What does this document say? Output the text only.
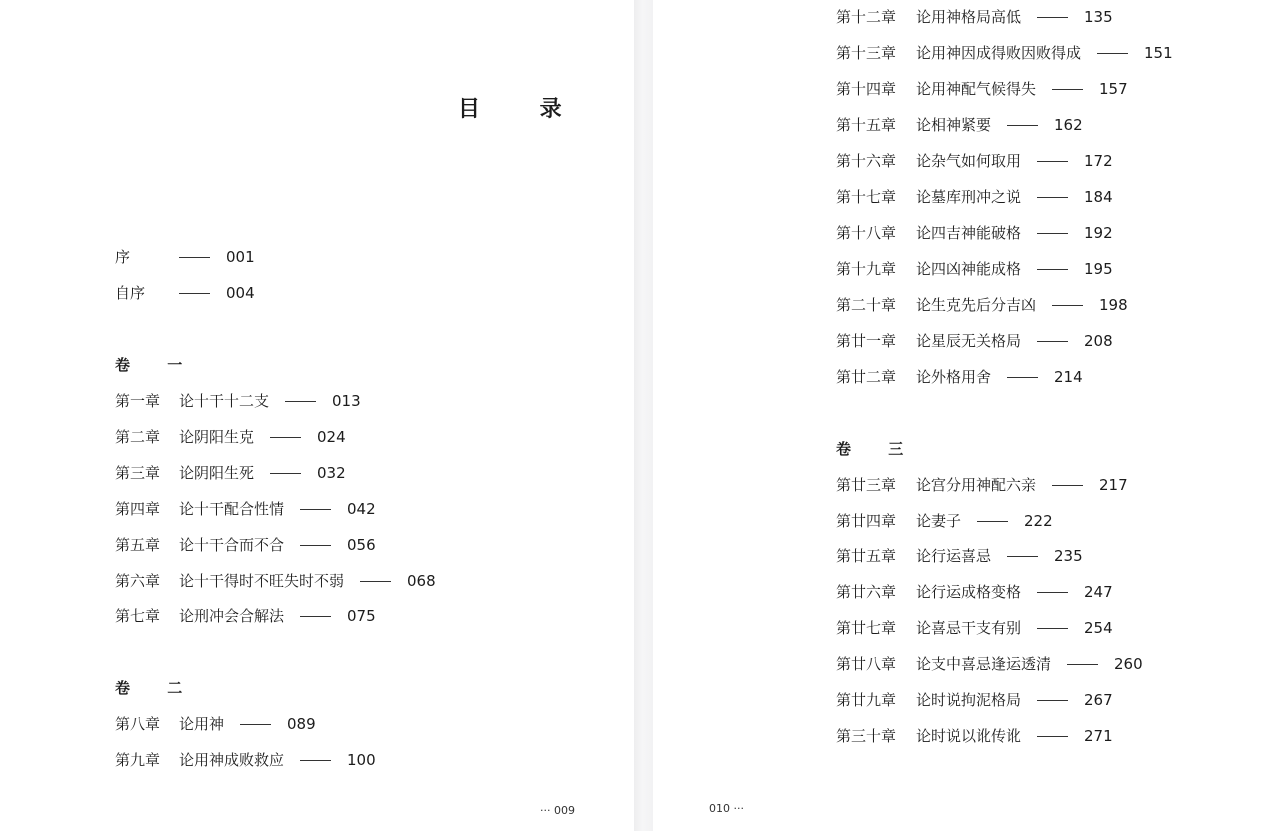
目 录
序	001
自序	004
卷 一
第一章 论十干十二支	013
第二章 论阴阳生克	024
第三章 论阴阳生死	032
第四章 论十干配合性情	042
第五章 论十干合而不合	056
第六章 论十干得时不旺失时不弱	068
第七章 论刑冲会合解法	075
卷 二
第八章 论用神	089
第九章 论用神成败救应	100
··· 009
第十二章 论用神格局高低	135
第十三章 论用神因成得败因败得成	151
第十四章 论用神配气候得失	157
第十五章 论相神紧要	162
第十六章 论杂气如何取用	172
第十七章 论墓库刑冲之说	184
第十八章 论四吉神能破格	192
第十九章 论四凶神能成格	195
第二十章 论生克先后分吉凶	198
第廿一章 论星辰无关格局	208
第廿二章 论外格用舍	214
卷 三
第廿三章 论宫分用神配六亲	217
第廿四章 论妻子	222
第廿五章 论行运喜忌	235
第廿六章 论行运成格变格	247
第廿七章 论喜忌干支有别	254
第廿八章 论支中喜忌逢运透清	260
第廿九章 论时说拘泥格局	267
第三十章 论时说以讹传讹	271
010 ···
